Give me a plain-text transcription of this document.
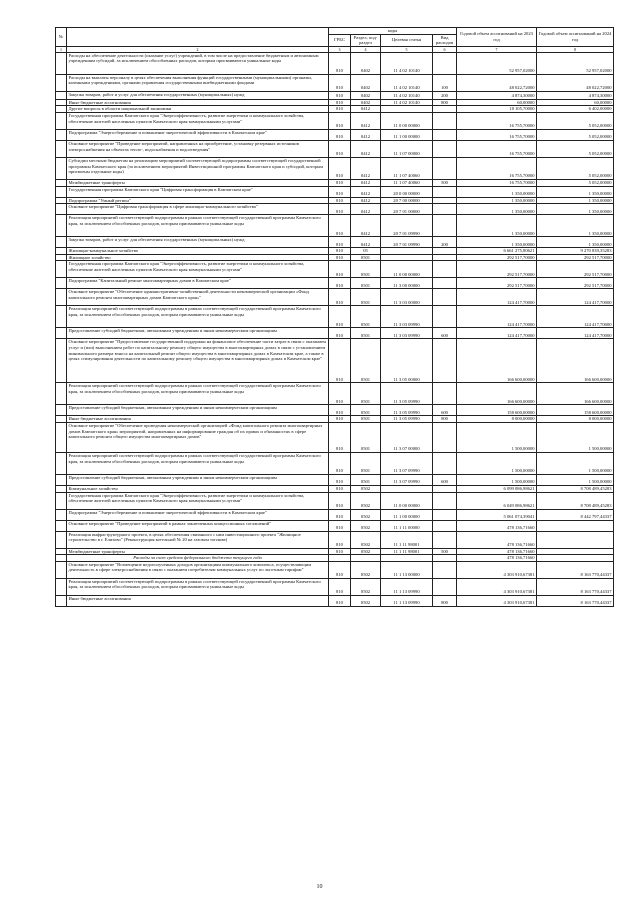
№		коды				Годовой объем ассигнований на 2023 год	Годовой объем ассигнований на 2024 год
		ГРБС	Раздел, под-раздел	Целевая статья	Вид расходов		
1	2	3	4	5	6	7	8
	Расходы на обеспечение деятельности (оказание услуг) учреждений, в том числе на предоставление бюджетным и автономным учреждениям субсидий, за исключением обособленных расходов, которым присваиваются уникальные коды	810	0402	11 4 02 10140		52 957,02000	52 957,02000
	Расходы на выплаты персоналу в целях обеспечения выполнения функций государственными (муниципальными) органами, казенными учреждениями, органами управления государственными внебюджетными фондами	810	0402	11 4 02 10140	100	48 022,72000	48 022,72000
	Закупка товаров, работ и услуг для обеспечения государственных (муниципальных) нужд	810	0402	11 4 02 10140	200	4 874,30000	4 874,30000
	Иные бюджетные ассигнования	810	0402	11 4 02 10140	800	60,00000	60,00000
	Другие вопросы в области национальной экономики	810	0412			18 105,70000	6 402,00000
	Государственная программа Камчатского края "Энергоэффективность, развитие энергетики и коммунального хозяйства, обеспечение жителей населенных пунктов Камчатского края коммунальными услугами"	810	0412	11 0 00 00000		16 755,70000	5 052,00000
	Подпрограмма "Энергосбережение и повышение энергетической эффективности в Камчатском крае"	810	0412	11 1 00 00000		16 755,70000	5 052,00000
	Основное мероприятие "Проведение мероприятий, направленных на приобретение, установку резервных источников электроснабжения на объектах тепло-, водоснабжения и водоотведения"	810	0412	11 1 07 00000		16 755,70000	5 052,00000
	Субсидии местным бюджетам на реализацию мероприятий соответствующей подпрограммы соответствующей государственной программы Камчатского края (за исключением мероприятий Инвестиционной программы Камчатского края и субсидий, которым присвоены отдельные коды)	810	0412	11 1 07 40060		16 755,70000	5 052,00000
	Межбюджетные трансферты	810	0412	11 1 07 40060	500	16 755,70000	5 052,00000
	Государственная программа Камчатского края "Цифровая трансформация в Камчатском крае"	810	0412	20 0 00 00000		1 350,00000	1 350,00000
	Подпрограмма "Умный регион"	810	0412	20 7 00 00000		1 350,00000	1 350,00000
	Основное мероприятие "Цифровая трансформация в сфере жилищно-коммунального хозяйства"	810	0412	20 7 01 00000		1 350,00000	1 350,00000
	Реализация мероприятий соответствующей подпрограммы в рамках соответствующей государственной программы Камчатского края, за исключением обособленных расходов, которым присваиваются уникальные коды	810	0412	20 7 01 09990		1 350,00000	1 350,00000
	Закупка товаров, работ и услуг для обеспечения государственных (муниципальных) нужд	810	0412	20 7 01 09990	200	1 350,00000	1 350,00000
	Жилищно-коммунальное хозяйство	810	05			6 661 275,80621	9 270 839,35283
	Жилищное хозяйство	810	0501			292 517,70000	292 517,70000
	Государственная программа Камчатского края "Энергоэффективность, развитие энергетики и коммунального хозяйства, обеспечение жителей населенных пунктов Камчатского края коммунальными услугами"	810	0501	11 0 00 00000		292 517,70000	292 517,70000
	Подпрограмма "Капитальный ремонт многоквартирных домов в Камчатском крае"	810	0501	11 3 00 00000		292 517,70000	292 517,70000
	Основное мероприятие "Обеспечение административно-хозяйственной деятельности некоммерческой организации «Фонд капитального ремонта многоквартирных домов Камчатского края»"	810	0501	11 3 03 00000		124 417,70000	124 417,70000
	Реализация мероприятий соответствующей подпрограммы в рамках соответствующей государственной программы Камчатского края, за исключением обособленных расходов, которым присваиваются уникальные коды	810	0501	11 3 03 09990		124 417,70000	124 417,70000
	Предоставление субсидий бюджетным, автономным учреждениям и иным некоммерческим организациям	810	0501	11 3 03 09990	600	124 417,70000	124 417,70000
	Основное мероприятие "Предоставление государственной поддержки на финансовое обеспечение части затрат в связи с оказанием услуг и (или) выполнением работ по капитальному ремонту общего имущества в многоквартирных домах в связи с установлением минимального размера взноса на капитальный ремонт общего имущества в многоквартирных домах в Камчатском крае, а также в целях стимулирования деятельности по капитальному ремонту общего имущества в многоквартирных домах в Камчатском крае"	810	0501	11 3 05 00000		166 600,00000	166 600,00000
	Реализация мероприятий соответствующей подпрограммы в рамках соответствующей государственной программы Камчатского края, за исключением обособленных расходов, которым присваиваются уникальные коды	810	0501	11 3 05 09990		166 600,00000	166 600,00000
	Предоставление субсидий бюджетным, автономным учреждениям и иным некоммерческим организациям	810	0501	11 3 05 09990	600	158 600,00000	158 600,00000
	Иные бюджетные ассигнования	810	0501	11 3 05 09990	800	8 000,00000	8 000,00000
	Основное мероприятие "Обеспечение проведения некоммерческой организацией «Фонд капитального ремонта многоквартирных домов Камчатского края» мероприятий, направленных на информирование граждан об их правах и обязанностях в сфере капитального ремонта общего имущества многоквартирных домов"	810	0501	11 3 07 00000		1 500,00000	1 500,00000
	Реализация мероприятий соответствующей подпрограммы в рамках соответствующей государственной программы Камчатского края, за исключением обособленных расходов, которым присваиваются уникальные коды	810	0501	11 3 07 09990		1 500,00000	1 500,00000
	Предоставление субсидий бюджетным, автономным учреждениям и иным некоммерческим организациям	810	0501	11 3 07 09990	600	1 500,00000	1 500,00000
	Коммунальное хозяйство	810	0502			6 099 086,98621	8 708 489,45283
	Государственная программа Камчатского края "Энергоэффективность, развитие энергетики и коммунального хозяйства, обеспечение жителей населенных пунктов Камчатского края коммунальными услугами"	810	0502	11 0 00 00000		6 049 086,98621	8 708 489,45283
	Подпрограмма "Энергосбережение и повышение энергетической эффективности в Камчатском крае"	810	0502	11 1 00 00000		5 061 074,39041	8 442 797,44337
	Основное мероприятие "Проведение мероприятий в рамках заключенных концессионных соглашений"	810	0502	11 1 11 00000		478 136,71660	
	Реализация инфраструктурного проекта, в целях обеспечения связанного с ним инвестиционного проекта "Жилищное строительство в г. Елизово" (Реконструкция котельной № 20 на газовом топливе)	810	0502	11 1 11 98001		478 136,71660	
	Межбюджетные трансферты	810	0502	11 1 11 98001	500	478 136,71660	
	Расходы за счет средств федерального бюджета текущего года					478 136,71660	
	Основное мероприятие "Возмещение недополученных доходов организациям коммунального комплекса, осуществляющим деятельность в сфере электроснабжения в связи с оказанием потребителям коммунальных услуг по льготным тарифам"	810	0502	11 1 13 00000		4 303 910,67381	8 163 770,44337
	Реализация мероприятий соответствующей подпрограммы в рамках соответствующей государственной программы Камчатского края, за исключением обособленных расходов, которым присваиваются уникальные коды	810	0502	11 1 13 09990		4 303 910,67381	8 163 770,44337
	Иные бюджетные ассигнования	810	0502	11 1 13 09990	800	4 303 910,67381	8 163 770,44337
10
